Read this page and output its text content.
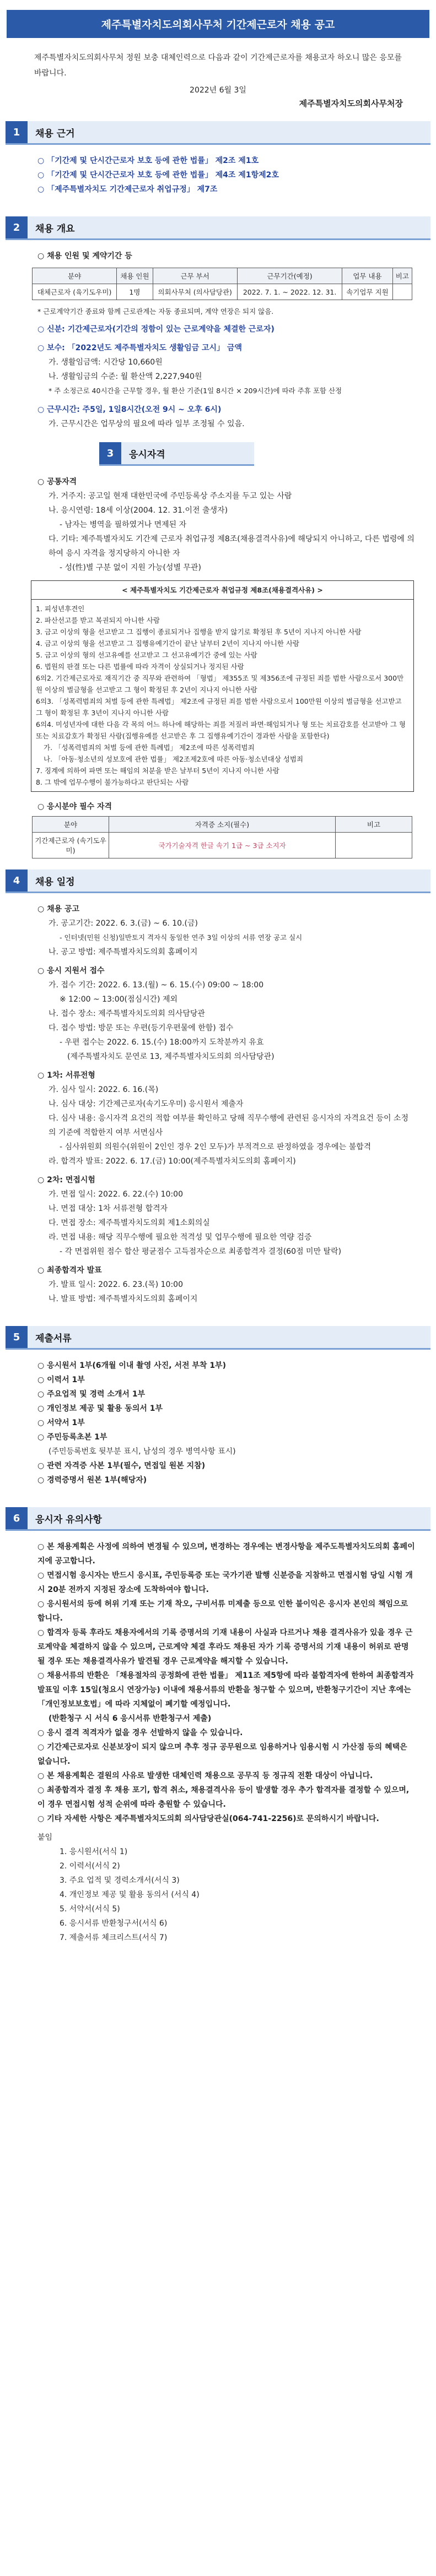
제주특별자치도의회사무처 기간제근로자 채용 공고
제주특별자치도의회사무처 정원 보충 대체인력으로 다음과 같이 기간제근로자를 채용코자 하오니 많은 응모를 바랍니다.
2022년 6월 3일
제주특별자치도의회사무처장
1	채용 근거
○ 「기간제 및 단시간근로자 보호 등에 관한 법률」 제2조 제1호
○ 「기간제 및 단시간근로자 보호 등에 관한 법률」 제4조 제1항제2호
○ 「제주특별자치도 기간제근로자 취업규정」 제7조
2	채용 개요
○ 채용 인원 및 계약기간 등
분야	채용 인원	근무 부서	근무기간(예정)	업무 내용	비고
대체근로자 (육기도우미)	1명	의회사무처 (의사담당관)	2022. 7. 1. ~ 2022. 12. 31.	속기업무 지원	
* 근로계약기간 종료와 함께 근로관계는 자동 종료되며, 계약 연장은 되지 않음.
○ 신분: 기간제근로자(기간의 정함이 있는 근로계약을 체결한 근로자)
○ 보수: 「2022년도 제주특별자치도 생활임금 고시」 금액
가. 생활임금액: 시간당 10,660원
나. 생활임금의 수준: 월 환산액 2,227,940원
* 주 소정근로 40시간을 근무할 경우, 월 환산 기준(1일 8시간 × 209시간)에 따라 주휴 포함 산정
○ 근무시간: 주5일, 1일8시간(오전 9시 ~ 오후 6시)
가. 근무시간은 업무상의 필요에 따라 일부 조정될 수 있음.
3	응시자격
○ 공통자격
가. 거주지: 공고일 현재 대한민국에 주민등록상 주소지를 두고 있는 사람
나. 응시연령: 18세 이상(2004. 12. 31.이전 출생자)
- 남자는 병역을 필하였거나 면제된 자
다. 기타: 제주특별자치도 기간제 근로자 취업규정 제8조(채용결격사유)에 해당되지 아니하고, 다른 법령에 의하여 응시 자격을 정지당하지 아니한 자
- 성(性)별 구분 없이 지원 가능(성별 무관)
< 제주특별자치도 기간제근로자 취업규정 제8조(채용결격사유) >
1. 피성년후견인
2. 파산선고를 받고 복권되지 아니한 사람
3. 금고 이상의 형을 선고받고 그 집행이 종료되거나 집행을 받지 않기로 확정된 후 5년이 지나지 아니한 사람
4. 금고 이상의 형을 선고받고 그 집행유예기간이 끝난 날부터 2년이 지나지 아니한 사람
5. 금고 이상의 형의 선고유예를 선고받고 그 선고유예기간 중에 있는 사람
6. 법원의 판결 또는 다른 법률에 따라 자격이 상실되거나 정지된 사람
6의2. 기간제근로자로 재직기간 중 직무와 관련하여 「형법」 제355조 및 제356조에 규정된 죄를 범한 사람으로서 300만원 이상의 벌금형을 선고받고 그 형이 확정된 후 2년이 지나지 아니한 사람
6의3. 「성폭력범죄의 처벌 등에 관한 특례법」 제2조에 규정된 죄를 범한 사람으로서 100만원 이상의 벌금형을 선고받고 그 형이 확정된 후 3년이 지나지 아니한 사람
6의4. 미성년자에 대한 다음 각 목의 어느 하나에 해당하는 죄를 저질러 파면·해임되거나 형 또는 치료감호를 선고받아 그 형 또는 치료감호가 확정된 사람(집행유예를 선고받은 후 그 집행유예기간이 경과한 사람을 포함한다)
가. 「성폭력범죄의 처벌 등에 관한 특례법」 제2조에 따른 성폭력범죄
나. 「아동·청소년의 성보호에 관한 법률」 제2조제2호에 따른 아동·청소년대상 성범죄
7. 징계에 의하여 파면 또는 해임의 처분을 받은 날부터 5년이 지나지 아니한 사람
8. 그 밖에 업무수행이 불가능하다고 판단되는 사람
○ 응시분야 필수 자격
분야	자격증 소지(필수)	비고
기간제근로자 (속기도우미)	국가기술자격 한글 속기 1급 ~ 3급 소지자	
4	채용 일정
○ 채용 공고
가. 공고기간: 2022. 6. 3.(금) ~ 6. 10.(금)
- 인터넷(민원 신청)일반토지 격자식 동일한 연주 3일 이상의 서류 연장 공고 실시
나. 공고 방법: 제주특별자치도의회 홈페이지
○ 응시 지원서 접수
가. 접수 기간: 2022. 6. 13.(월) ~ 6. 15.(수) 09:00 ~ 18:00
※ 12:00 ~ 13:00(점심시간) 제외
나. 접수 장소: 제주특별자치도의회 의사담당관
다. 접수 방법: 방문 또는 우편(등기우편물에 한함) 접수
- 우편 접수는 2022. 6. 15.(수) 18:00까지 도착분까지 유효
(제주특별자치도 문연로 13, 제주특별자치도의회 의사담당관)
○ 1차: 서류전형
가. 심사 일시: 2022. 6. 16.(목)
나. 심사 대상: 기간제근로자(속기도우미) 응시원서 제출자
다. 심사 내용: 응시자격 요건의 적합 여부를 확인하고 당해 직무수행에 관련된 응시자의 자격요건 등이 소정의 기준에 적합한지 여부 서면심사
- 심사위원회 의원수(위원이 2인인 경우 2인 모두)가 부적격으로 판정하였을 경우에는 불합격
라. 합격자 발표: 2022. 6. 17.(금) 10:00(제주특별자치도의회 홈페이지)
○ 2차: 면접시험
가. 면접 일시: 2022. 6. 22.(수) 10:00
나. 면접 대상: 1차 서류전형 합격자
다. 면접 장소: 제주특별자치도의회 제1소회의실
라. 면접 내용: 해당 직무수행에 필요한 적격성 및 업무수행에 필요한 역량 검증
- 각 면접위원 점수 합산 평균점수 고득점자순으로 최종합격자 결정(60점 미만 탈락)
○ 최종합격자 발표
가. 발표 일시: 2022. 6. 23.(목) 10:00
나. 발표 방법: 제주특별자치도의회 홈페이지
5	제출서류
○ 응시원서 1부(6개월 이내 촬영 사진, 서전 부착 1부)
○ 이력서 1부
○ 주요업적 및 경력 소개서 1부
○ 개인정보 제공 및 활용 동의서 1부
○ 서약서 1부
○ 주민등록초본 1부
(주민등록번호 뒷부분 표시, 남성의 경우 병역사항 표시)
○ 관련 자격증 사본 1부(필수, 면접일 원본 지참)
○ 경력증명서 원본 1부(해당자)
6	응시자 유의사항
○ 본 채용계획은 사정에 의하여 변경될 수 있으며, 변경하는 경우에는 변경사항을 제주도특별자치도의회 홈페이지에 공고합니다.
○ 면접시험 응시자는 반드시 응시표, 주민등록증 또는 국가기관 발행 신분증을 지참하고 면접시험 당일 시험 개시 20분 전까지 지정된 장소에 도착하여야 합니다.
○ 응시원서의 등에 허위 기재 또는 기재 착오, 구비서류 미제출 등으로 인한 불이익은 응시자 본인의 책임으로 합니다.
○ 합격자 등록 후라도 채용자에서의 기록 증명서의 기재 내용이 사실과 다르거나 채용 결격사유가 있을 경우 근로계약을 체결하지 않을 수 있으며, 근로계약 체결 후라도 채용된 자가 기록 증명서의 기재 내용이 허위로 판명될 경우 또는 채용결격사유가 발견될 경우 근로계약을 해지할 수 있습니다.
○ 채용서류의 반환은 「채용절차의 공정화에 관한 법률」 제11조 제5항에 따라 불합격자에 한하여 최종합격자 발표일 이후 15일(청요시 연장가능) 이내에 채용서류의 반환을 청구할 수 있으며, 반환청구기간이 지난 후에는 「개인정보보호법」에 따라 지체없이 폐기할 예정입니다.
(반환청구 시 서식 6 응시서류 반환청구서 제출)
○ 응시 결격 적격자가 없을 경우 선발하지 않을 수 있습니다.
○ 기간제근로자로 신분보장이 되지 않으며 추후 정규 공무원으로 임용하거나 임용시험 시 가산점 등의 혜택은 없습니다.
○ 본 채용계획은 결원의 사유로 발생한 대체인력 채용으로 공무직 등 정규직 전환 대상이 아닙니다.
○ 최종합격자 결정 후 채용 포기, 합격 취소, 채용결격사유 등이 발생할 경우 추가 합격자를 결정할 수 있으며, 이 경우 면접시험 성적 순위에 따라 충원할 수 있습니다.
○ 기타 자세한 사항은 제주특별자치도의회 의사담당관실(064-741-2256)로 문의하시기 바랍니다.
붙임
1. 응시원서(서식 1)
2. 이력서(서식 2)
3. 주요 업적 및 경력소개서(서식 3)
4. 개인정보 제공 및 활용 동의서 (서식 4)
5. 서약서(서식 5)
6. 응시서류 반환청구서(서식 6)
7. 제출서류 체크리스트(서식 7)
